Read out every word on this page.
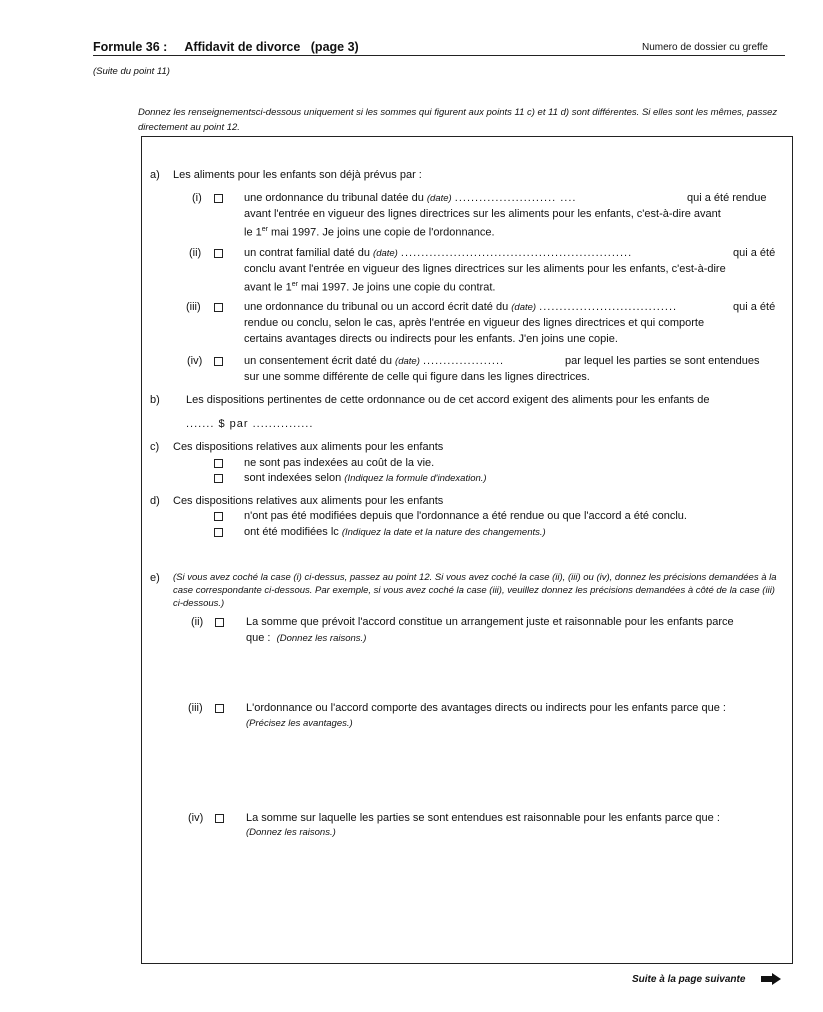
Formule 36 : Affidavit de divorce (page 3)	Numero de dossier cu greffe
(Suite du point 11)
Donnez les renseignementsci-dessous uniquement si les sommes qui figurent aux points 11 c) et 11 d) sont différentes. Si elles sont les mêmes, passez directement au point 12.
a) Les aliments pour les enfants son déjà prévus par :
(i)	une ordonnance du tribunal datée du (date) ......................... ....	qui a été rendue
avant l'entrée en vigueur des lignes directrices sur les aliments pour les enfants, c'est-à-dire avant
le 1er mai 1997. Je joins une copie de l'ordonnance.
(ii)	un contrat familial daté du (date) .........................................................	qui a été
conclu avant l'entrée en vigueur des lignes directrices sur les aliments pour les enfants, c'est-à-dire
avant le 1er mai 1997. Je joins une copie du contrat.
(iii)	une ordonnance du tribunal ou un accord écrit daté du (date) ..................................	qui a été
rendue ou conclu, selon le cas, après l'entrée en vigueur des lignes directrices et qui comporte
certains avantages directs ou indirects pour les enfants. J'en joins une copie.
(iv)	un consentement écrit daté du (date) ....................	par lequel les parties se sont entendues
sur une somme différente de celle qui figure dans les lignes directrices.
b) Les dispositions pertinentes de cette ordonnance ou de cet accord exigent des aliments pour les enfants de
....... $ par ...............
c) Ces dispositions relatives aux aliments pour les enfants
ne sont pas indexées au coût de la vie.
sont indexées selon (Indiquez la formule d'indexation.)
d) Ces dispositions relatives aux aliments pour les enfants
n'ont pas été modifiées depuis que l'ordonnance a été rendue ou que l'accord a été conclu.
ont été modifiées lc (Indiquez la date et la nature des changements.)
e) (Si vous avez coché la case (i) ci-dessus, passez au point 12. Si vous avez coché la case (ii), (iii) ou (iv), donnez les précisions demandées à la case correspondante ci-dessous. Par exemple, si vous avez coché la case (iii), veuillez donnez les précisions demandées à côté de la case (iii) ci-dessous.)
(ii)	La somme que prévoit l'accord constitue un arrangement juste et raisonnable pour les enfants parce
que : (Donnez les raisons.)
(iii)	L'ordonnance ou l'accord comporte des avantages directs ou indirects pour les enfants parce que :
(Précisez les avantages.)
(iv)	La somme sur laquelle les parties se sont entendues est raisonnable pour les enfants parce que :
(Donnez les raisons.)
Suite à la page suivante
